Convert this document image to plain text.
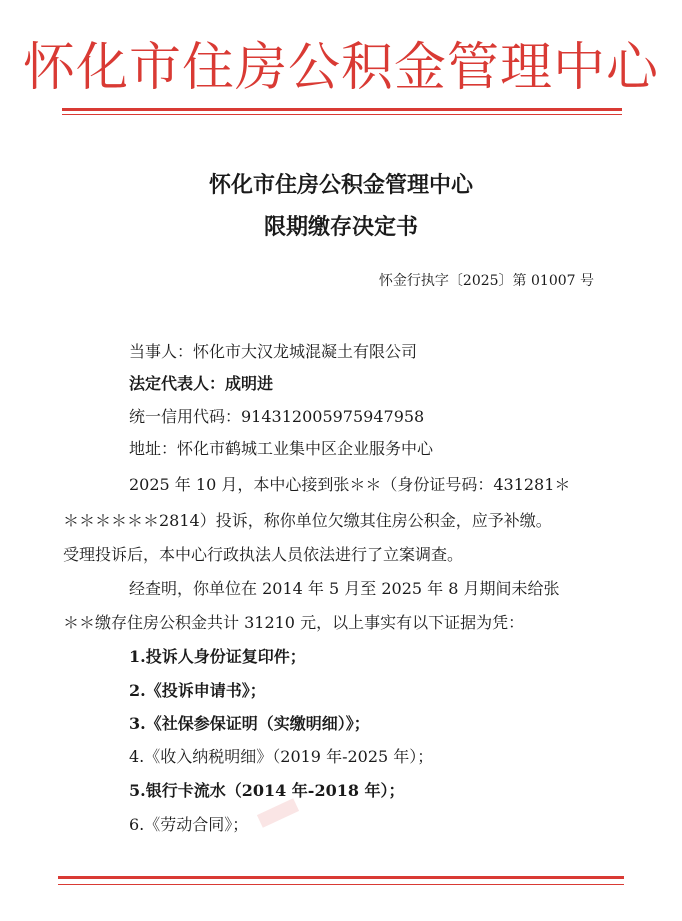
怀化市住房公积金管理中心
怀化市住房公积金管理中心
限期缴存决定书
怀金行执字〔2025〕第 01007 号
当事人：怀化市大汉龙城混凝土有限公司
法定代表人：成明进
统一信用代码：914312005975947958
地址：怀化市鹤城工业集中区企业服务中心
2025 年 10 月，本中心接到张＊＊（身份证号码：431281＊
＊＊＊＊＊＊2814）投诉，称你单位欠缴其住房公积金，应予补缴。
受理投诉后，本中心行政执法人员依法进行了立案调查。
经查明，你单位在 2014 年 5 月至 2025 年 8 月期间未给张
＊＊缴存住房公积金共计 31210 元，以上事实有以下证据为凭：
1.投诉人身份证复印件；
2.《投诉申请书》；
3.《社保参保证明（实缴明细）》；
4.《收入纳税明细》（2019 年-2025 年）；
5.银行卡流水（2014 年-2018 年）；
6.《劳动合同》；
